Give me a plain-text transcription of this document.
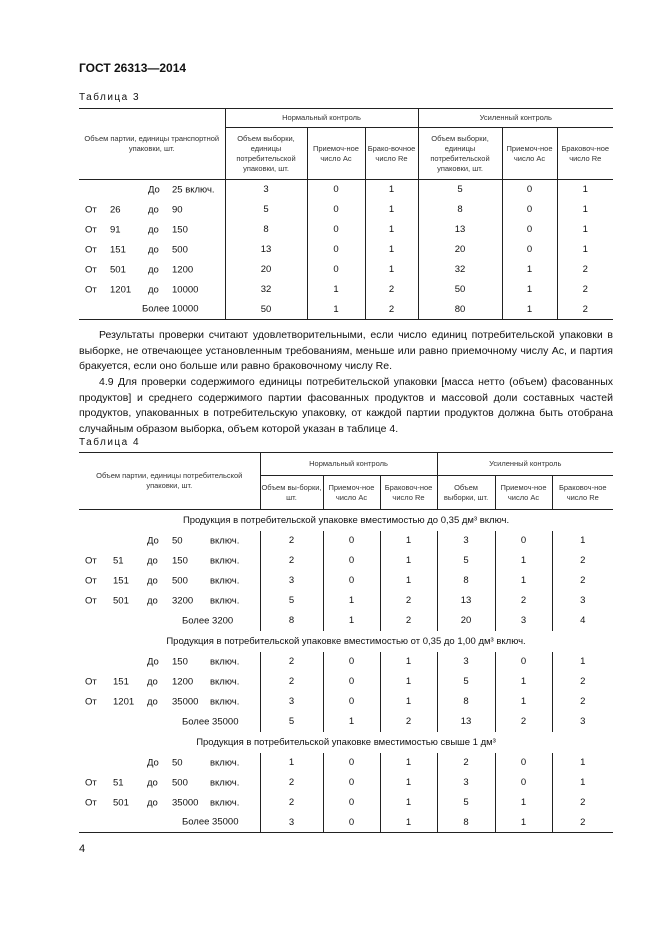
ГОСТ 26313—2014
Таблица 3
Объем партии, единицы транспортной упаковки, шт.	Нормальный контроль			Усиленный контроль		
	Объем выборки, единицы потребительской упаковки, шт.	Приемоч-ное число Ac	Брако-вочное число Re	Объем выборки, единицы потребительской упаковки, шт.	Приемоч-ное число Ac	Браковоч-ное число Re

До 25 включ.	3	0	1	5	0	1

От 26 до 90	5	0	1	8	0	1

От 91 до 150	8	0	1	13	0	1

От 151 до 500	13	0	1	20	0	1

От 501 до 1200	20	0	1	32	1	2

От 1201 до 10000	32	1	2	50	1	2

Более 10000	50	1	2	80	1	2

Результаты проверки считают удовлетворительными, если число единиц потребительской упаковки в выборке, не отвечающее установленным требованиям, меньше или равно приемочному числу Ac, и партия бракуется, если оно больше или равно браковочному числу Re.

4.9 Для проверки содержимого единицы потребительской упаковки [масса нетто (объем) фасованных продуктов] и среднего содержимого партии фасованных продуктов и массовой доли составных частей продуктов, упакованных в потребительскую упаковку, от каждой партии продуктов должна быть отобрана случайным образом выборка, объем которой указан в таблице 4.

Таблица 4
Объем партии, единицы потребительской упаковки, шт.	Нормальный контроль			Усиленный контроль		
	Объем вы-борки, шт.	Приемоч-ное число Ac	Браковоч-ное число Re	Объем выборки, шт.	Приемоч-ное число Ac	Браковоч-ное число Re
Продукция в потребительской упаковке вместимостью до 0,35 дм³ включ.						

До 50 включ.	2	0	1	3	0	1

От 51 до 150 включ.	2	0	1	5	1	2

От 151 до 500 включ.	3	0	1	8	1	2

От 501 до 3200 включ.	5	1	2	13	2	3

Более 3200	8	1	2	20	3	4
Продукция в потребительской упаковке вместимостью от 0,35 до 1,00 дм³ включ.						

До 150 включ.	2	0	1	3	0	1

От 151 до 1200 включ.	2	0	1	5	1	2

От 1201 до 35000 включ.	3	0	1	8	1	2

Более 35000	5	1	2	13	2	3
Продукция в потребительской упаковке вместимостью свыше 1 дм³						

До 50 включ.	1	0	1	2	0	1

От 51 до 500 включ.	2	0	1	3	0	1

От 501 до 35000 включ.	2	0	1	5	1	2

Более 35000	3	0	1	8	1	2
4
